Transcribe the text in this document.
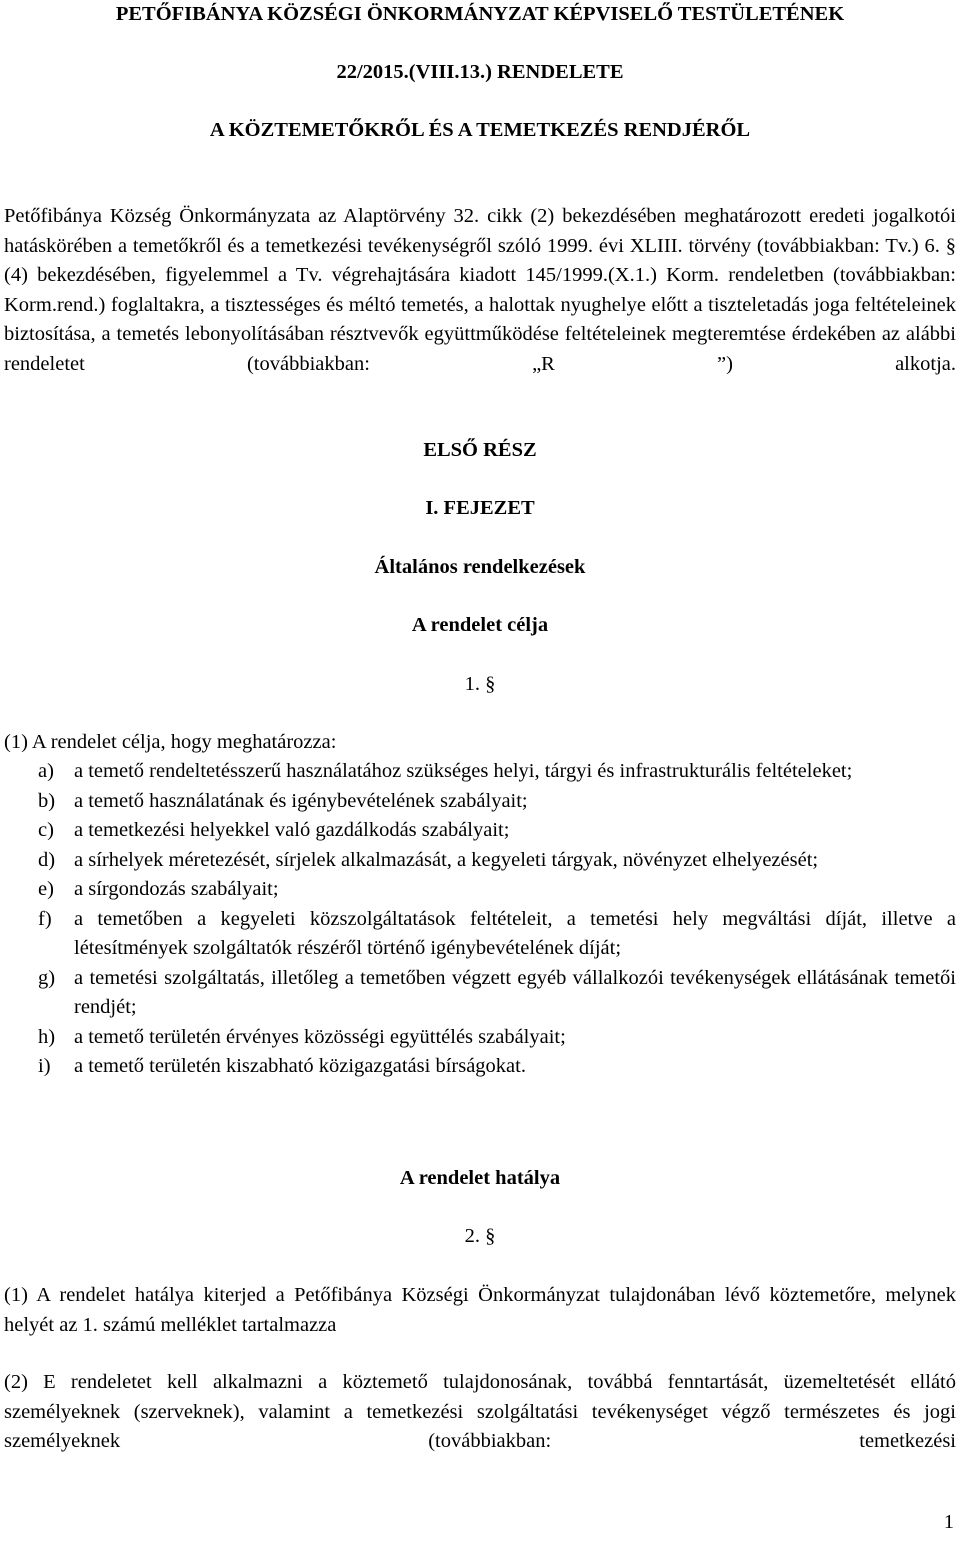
PETŐFIBÁNYA KÖZSÉGI ÖNKORMÁNYZAT KÉPVISELŐ TESTÜLETÉNEK
22/2015.(VIII.13.) RENDELETE
A KÖZTEMETŐKRŐL ÉS A TEMETKEZÉS RENDJÉRŐL
Petőfibánya Község Önkormányzata az Alaptörvény 32. cikk (2) bekezdésében meghatározott eredeti jogalkotói hatáskörében a temetőkről és a temetkezési tevékenységről szóló 1999. évi XLIII. törvény (továbbiakban: Tv.) 6. § (4) bekezdésében, figyelemmel a Tv. végrehajtására kiadott 145/1999.(X.1.) Korm. rendeletben (továbbiakban: Korm.rend.) foglaltakra, a tisztességes és méltó temetés, a halottak nyughelye előtt a tiszteletadás joga feltételeinek biztosítása, a temetés lebonyolításában résztvevők együttműködése feltételeinek megteremtése érdekében az alábbi rendeletet (továbbiakban: „R ”) alkotja.
ELSŐ RÉSZ
I. FEJEZET
Általános rendelkezések
A rendelet célja
1. §
(1) A rendelet célja, hogy meghatározza:
a) a temető rendeltetésszerű használatához szükséges helyi, tárgyi és infrastrukturális feltételeket;
b) a temető használatának és igénybevételének szabályait;
c) a temetkezési helyekkel való gazdálkodás szabályait;
d) a sírhelyek méretezését, sírjelek alkalmazását, a kegyeleti tárgyak, növényzet elhelyezését;
e) a sírgondozás szabályait;
f)	a temetőben a kegyeleti közszolgáltatások feltételeit, a temetési hely megváltási díját, illetve a létesítmények szolgáltatók részéről történő igénybevételének díját;
g) a temetési szolgáltatás, illetőleg a temetőben végzett egyéb vállalkozói tevékenységek ellátásának temetői rendjét;
h) a temető területén érvényes közösségi együttélés szabályait;
i)	a temető területén kiszabható közigazgatási bírságokat.
A rendelet hatálya
2. §
(1) A rendelet hatálya kiterjed a Petőfibánya Községi Önkormányzat tulajdonában lévő köztemetőre, melynek helyét az 1. számú melléklet tartalmazza
(2) E rendeletet kell alkalmazni a köztemető tulajdonosának, továbbá fenntartását, üzemeltetését ellátó személyeknek (szerveknek), valamint a temetkezési szolgáltatási tevékenységet végző természetes és jogi személyeknek (továbbiakban: temetkezési
1
